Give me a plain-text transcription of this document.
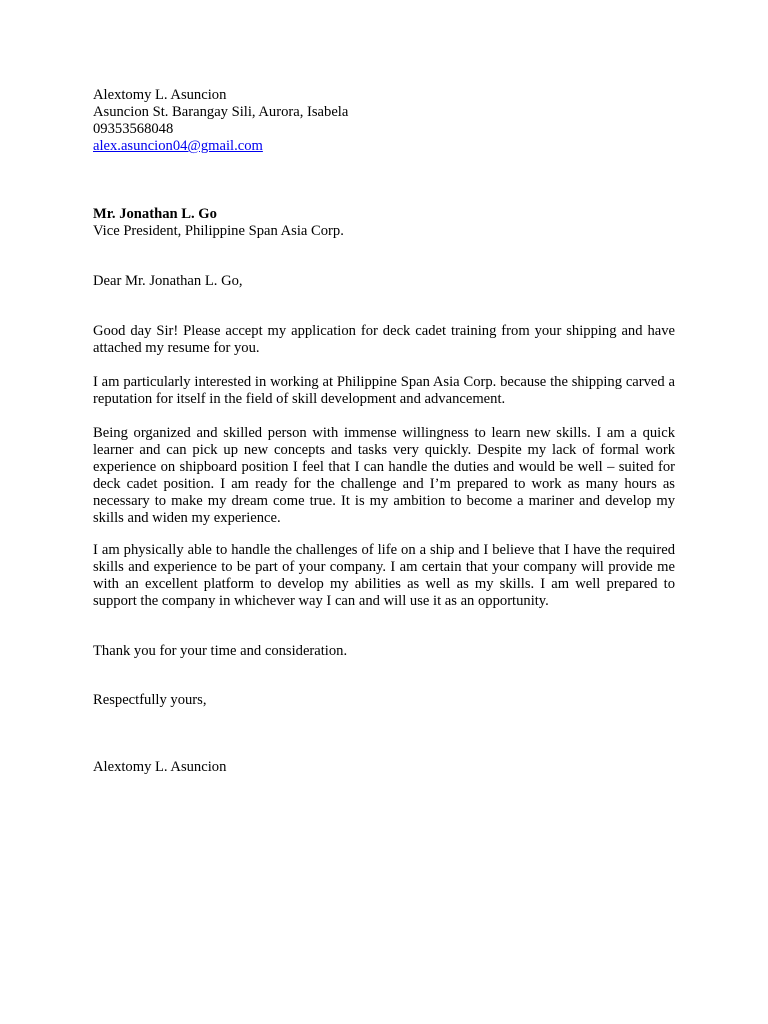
Alextomy L. Asuncion
Asuncion St. Barangay Sili, Aurora, Isabela
09353568048
alex.asuncion04@gmail.com
Mr. Jonathan L. Go
Vice President, Philippine Span Asia Corp.
Dear Mr. Jonathan L. Go,

Good day Sir! Please accept my application for deck cadet training from your shipping and have attached my resume for you.

I am particularly interested in working at Philippine Span Asia Corp. because the shipping carved a reputation for itself in the field of skill development and advancement.

Being organized and skilled person with immense willingness to learn new skills. I am a quick learner and can pick up new concepts and tasks very quickly. Despite my lack of formal work experience on shipboard position I feel that I can handle the duties and would be well – suited for deck cadet position. I am ready for the challenge and I’m prepared to work as many hours as necessary to make my dream come true. It is my ambition to become a mariner and develop my skills and widen my experience.

I am physically able to handle the challenges of life on a ship and I believe that I have the required skills and experience to be part of your company. I am certain that your company will provide me with an excellent platform to develop my abilities as well as my skills. I am well prepared to support the company in whichever way I can and will use it as an opportunity.

Thank you for your time and consideration.

Respectfully yours,
Alextomy L. Asuncion
